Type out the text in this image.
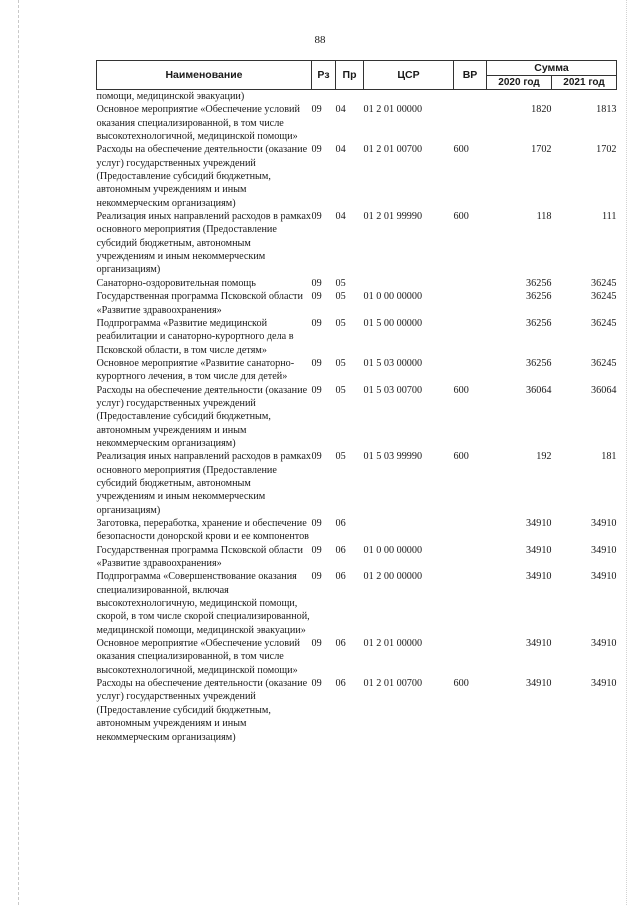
88
Наименование	Рз	Пр	ЦСР	ВР	Сумма	
					2020 год	2021 год
помощи, медицинской эвакуации)						
Основное мероприятие «Обеспечение условий оказания специализированной, в том числе высокотехнологичной, медицинской помощи»	09	04	01 2 01 00000		1820	1813
Расходы на обеспечение деятельности (оказание услуг) государственных учреждений (Предоставление субсидий бюджетным, автономным учреждениям и иным некоммерческим организациям)	09	04	01 2 01 00700	600	1702	1702
Реализация иных направлений расходов в рамках основного мероприятия (Предоставление субсидий бюджетным, автономным учреждениям и иным некоммерческим организациям)	09	04	01 2 01 99990	600	118	111
Санаторно-оздоровительная помощь	09	05			36256	36245
Государственная программа Псковской области «Развитие здравоохранения»	09	05	01 0 00 00000		36256	36245
Подпрограмма «Развитие медицинской реабилитации и санаторно-курортного дела в Псковской области, в том числе детям»	09	05	01 5 00 00000		36256	36245
Основное мероприятие «Развитие санаторно-курортного лечения, в том числе для детей»	09	05	01 5 03 00000		36256	36245
Расходы на обеспечение деятельности (оказание услуг) государственных учреждений (Предоставление субсидий бюджетным, автономным учреждениям и иным некоммерческим организациям)	09	05	01 5 03 00700	600	36064	36064
Реализация иных направлений расходов в рамках основного мероприятия (Предоставление субсидий бюджетным, автономным учреждениям и иным некоммерческим организациям)	09	05	01 5 03 99990	600	192	181
Заготовка, переработка, хранение и обеспечение безопасности донорской крови и ее компонентов	09	06			34910	34910
Государственная программа Псковской области «Развитие здравоохранения»	09	06	01 0 00 00000		34910	34910
Подпрограмма «Совершенствование оказания специализированной, включая высокотехнологичную, медицинской помощи, скорой, в том числе скорой специализированной, медицинской помощи, медицинской эвакуации»	09	06	01 2 00 00000		34910	34910
Основное мероприятие «Обеспечение условий оказания специализированной, в том числе высокотехнологичной, медицинской помощи»	09	06	01 2 01 00000		34910	34910
Расходы на обеспечение деятельности (оказание услуг) государственных учреждений (Предоставление субсидий бюджетным, автономным учреждениям и иным некоммерческим организациям)	09	06	01 2 01 00700	600	34910	34910
